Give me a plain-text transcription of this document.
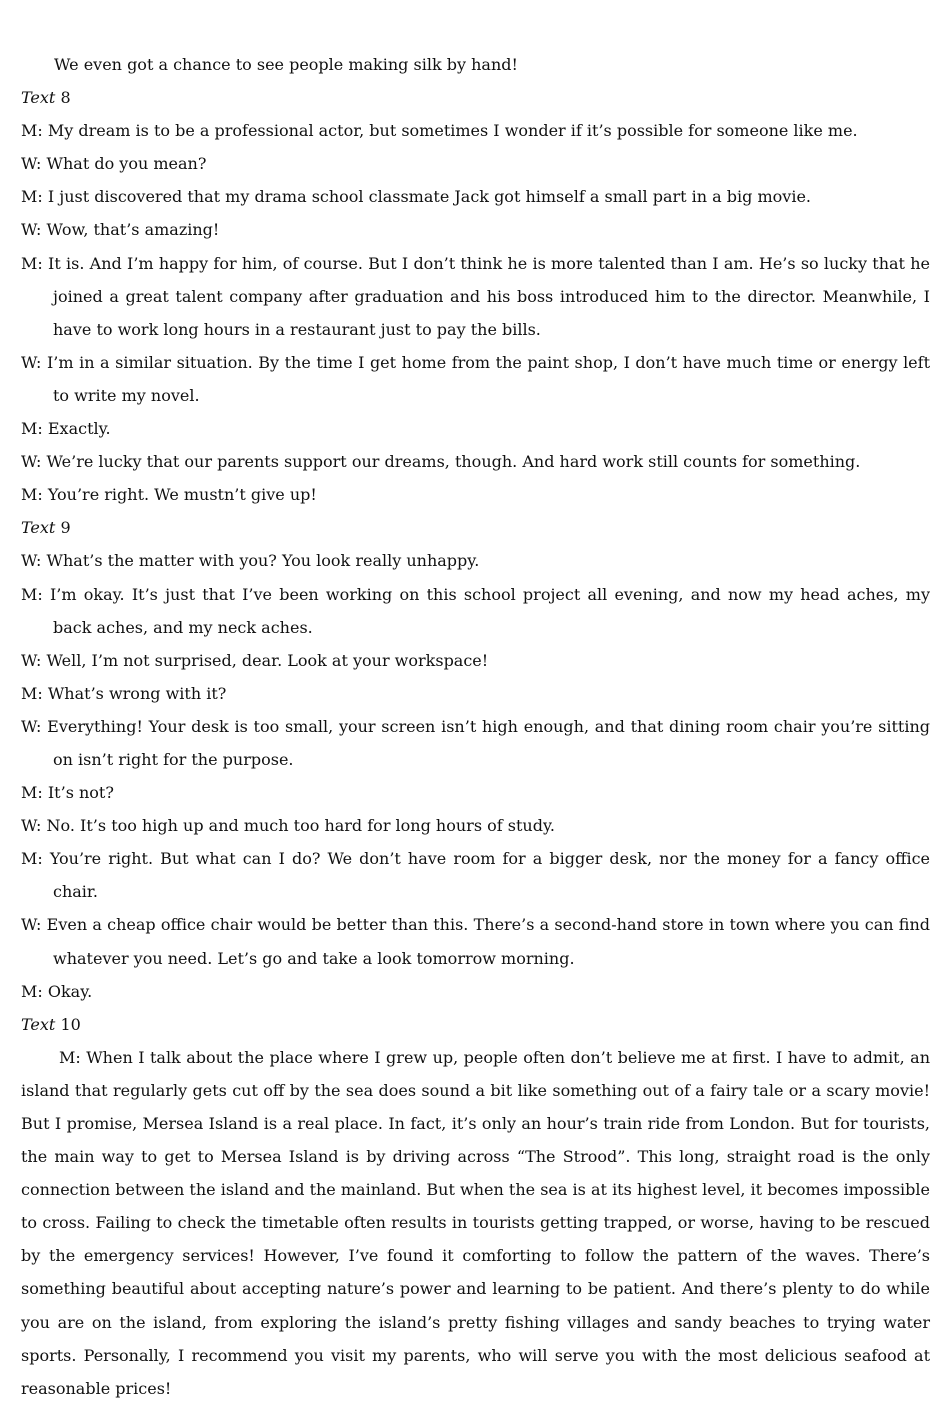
We even got a chance to see people making silk by hand!
Text 8
M: My dream is to be a professional actor, but sometimes I wonder if it’s possible for someone like me.
W: What do you mean?
M: I just discovered that my drama school classmate Jack got himself a small part in a big movie.
W: Wow, that’s amazing!
M: It is. And I’m happy for him, of course. But I don’t think he is more talented than I am. He’s so lucky that he joined a great talent company after graduation and his boss introduced him to the director. Meanwhile, I have to work long hours in a restaurant just to pay the bills.
W: I’m in a similar situation. By the time I get home from the paint shop, I don’t have much time or energy left to write my novel.
M: Exactly.
W: We’re lucky that our parents support our dreams, though. And hard work still counts for something.
M: You’re right. We mustn’t give up!
Text 9
W: What’s the matter with you? You look really unhappy.
M: I’m okay. It’s just that I’ve been working on this school project all evening, and now my head aches, my back aches, and my neck aches.
W: Well, I’m not surprised, dear. Look at your workspace!
M: What’s wrong with it?
W: Everything! Your desk is too small, your screen isn’t high enough, and that dining room chair you’re sitting on isn’t right for the purpose.
M: It’s not?
W: No. It’s too high up and much too hard for long hours of study.
M: You’re right. But what can I do? We don’t have room for a bigger desk, nor the money for a fancy office chair.
W: Even a cheap office chair would be better than this. There’s a second-hand store in town where you can find whatever you need. Let’s go and take a look tomorrow morning.
M: Okay.
Text 10
M: When I talk about the place where I grew up, people often don’t believe me at first. I have to admit, an island that regularly gets cut off by the sea does sound a bit like something out of a fairy tale or a scary movie! But I promise, Mersea Island is a real place. In fact, it’s only an hour’s train ride from London. But for tourists, the main way to get to Mersea Island is by driving across “The Strood”. This long, straight road is the only connection between the island and the mainland. But when the sea is at its highest level, it becomes impossible to cross. Failing to check the timetable often results in tourists getting trapped, or worse, having to be rescued by the emergency services! However, I’ve found it comforting to follow the pattern of the waves. There’s something beautiful about accepting nature’s power and learning to be patient. And there’s plenty to do while you are on the island, from exploring the island’s pretty fishing villages and sandy beaches to trying water sports. Personally, I recommend you visit my parents, who will serve you with the most delicious seafood at reasonable prices!
